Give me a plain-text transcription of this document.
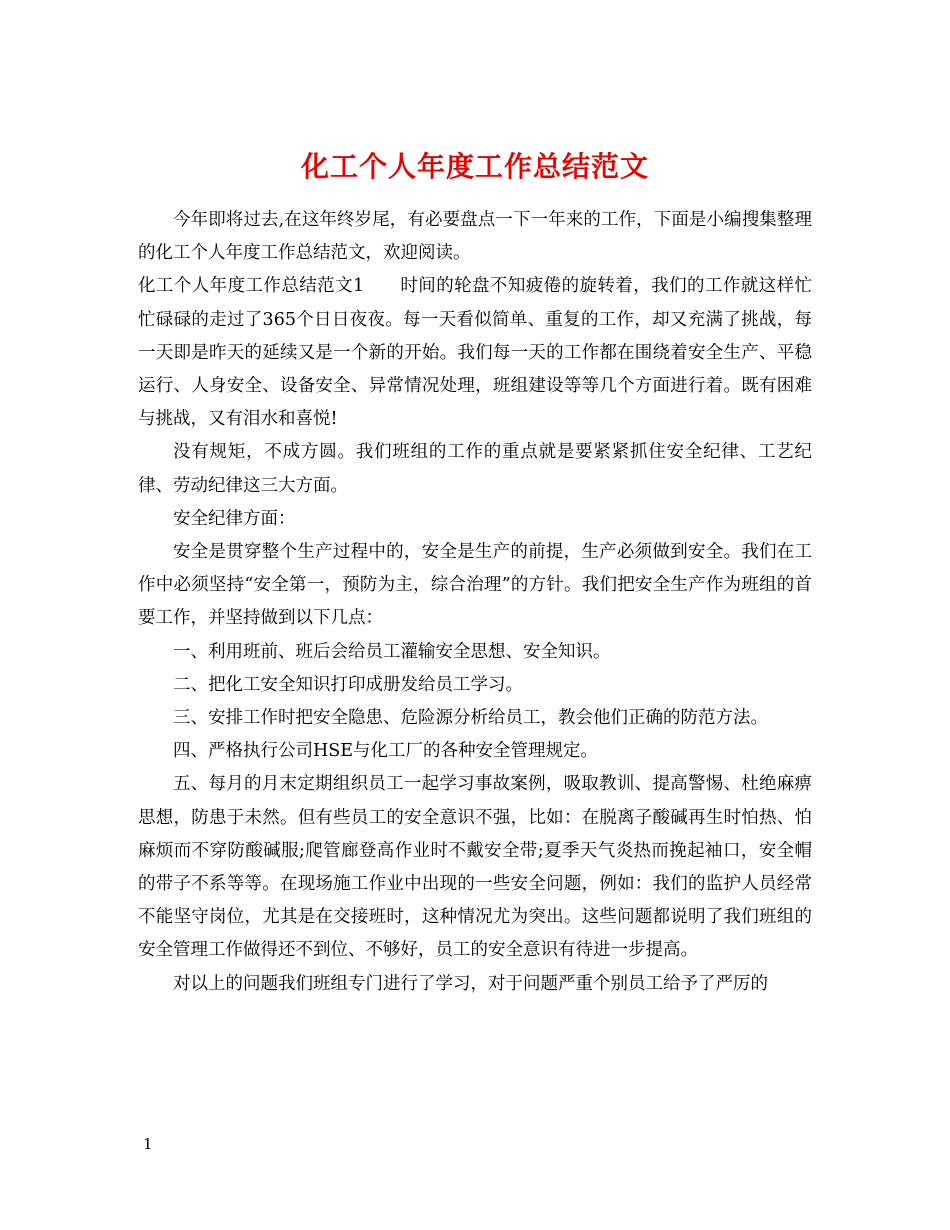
化工个人年度工作总结范文

今年即将过去,在这年终岁尾，有必要盘点一下一年来的工作，下面是小编搜集整理的化工个人年度工作总结范文，欢迎阅读。

化工个人年度工作总结范文1　　时间的轮盘不知疲倦的旋转着，我们的工作就这样忙忙碌碌的走过了365个日日夜夜。每一天看似简单、重复的工作，却又充满了挑战，每一天即是昨天的延续又是一个新的开始。我们每一天的工作都在围绕着安全生产、平稳运行、人身安全、设备安全、异常情况处理，班组建设等等几个方面进行着。既有困难与挑战，又有泪水和喜悦!

没有规矩，不成方圆。我们班组的工作的重点就是要紧紧抓住安全纪律、工艺纪律、劳动纪律这三大方面。

安全纪律方面：

安全是贯穿整个生产过程中的，安全是生产的前提，生产必须做到安全。我们在工作中必须坚持“安全第一，预防为主，综合治理”的方针。我们把安全生产作为班组的首要工作，并坚持做到以下几点：

一、利用班前、班后会给员工灌输安全思想、安全知识。

二、把化工安全知识打印成册发给员工学习。

三、安排工作时把安全隐患、危险源分析给员工，教会他们正确的防范方法。

四、严格执行公司HSE与化工厂的各种安全管理规定。

五、每月的月末定期组织员工一起学习事故案例，吸取教训、提高警惕、杜绝麻痹思想，防患于未然。但有些员工的安全意识不强，比如：在脱离子酸碱再生时怕热、怕麻烦而不穿防酸碱服;爬管廊登高作业时不戴安全带;夏季天气炎热而挽起袖口，安全帽的带子不系等等。在现场施工作业中出现的一些安全问题，例如：我们的监护人员经常不能坚守岗位，尤其是在交接班时，这种情况尤为突出。这些问题都说明了我们班组的安全管理工作做得还不到位、不够好，员工的安全意识有待进一步提高。

对以上的问题我们班组专门进行了学习，对于问题严重个别员工给予了严厉的

1
